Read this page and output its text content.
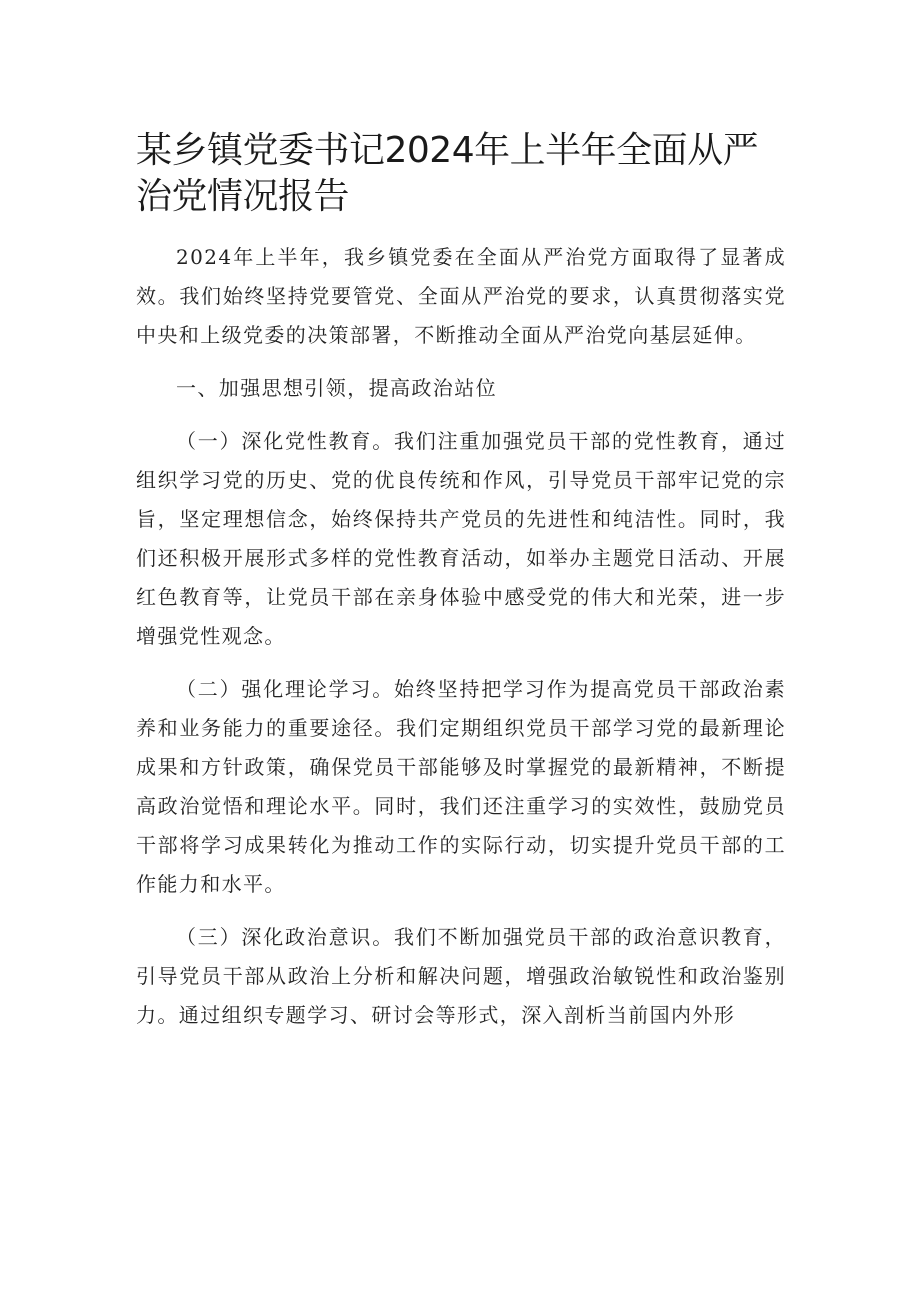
某乡镇党委书记2024年上半年全面从严治党情况报告

2024年上半年，我乡镇党委在全面从严治党方面取得了显著成效。我们始终坚持党要管党、全面从严治党的要求，认真贯彻落实党中央和上级党委的决策部署，不断推动全面从严治党向基层延伸。

一、加强思想引领，提高政治站位

（一）深化党性教育。我们注重加强党员干部的党性教育，通过组织学习党的历史、党的优良传统和作风，引导党员干部牢记党的宗旨，坚定理想信念，始终保持共产党员的先进性和纯洁性。同时，我们还积极开展形式多样的党性教育活动，如举办主题党日活动、开展红色教育等，让党员干部在亲身体验中感受党的伟大和光荣，进一步增强党性观念。

（二）强化理论学习。始终坚持把学习作为提高党员干部政治素养和业务能力的重要途径。我们定期组织党员干部学习党的最新理论成果和方针政策，确保党员干部能够及时掌握党的最新精神，不断提高政治觉悟和理论水平。同时，我们还注重学习的实效性，鼓励党员干部将学习成果转化为推动工作的实际行动，切实提升党员干部的工作能力和水平。

（三）深化政治意识。我们不断加强党员干部的政治意识教育，引导党员干部从政治上分析和解决问题，增强政治敏锐性和政治鉴别力。通过组织专题学习、研讨会等形式，深入剖析当前国内外形
